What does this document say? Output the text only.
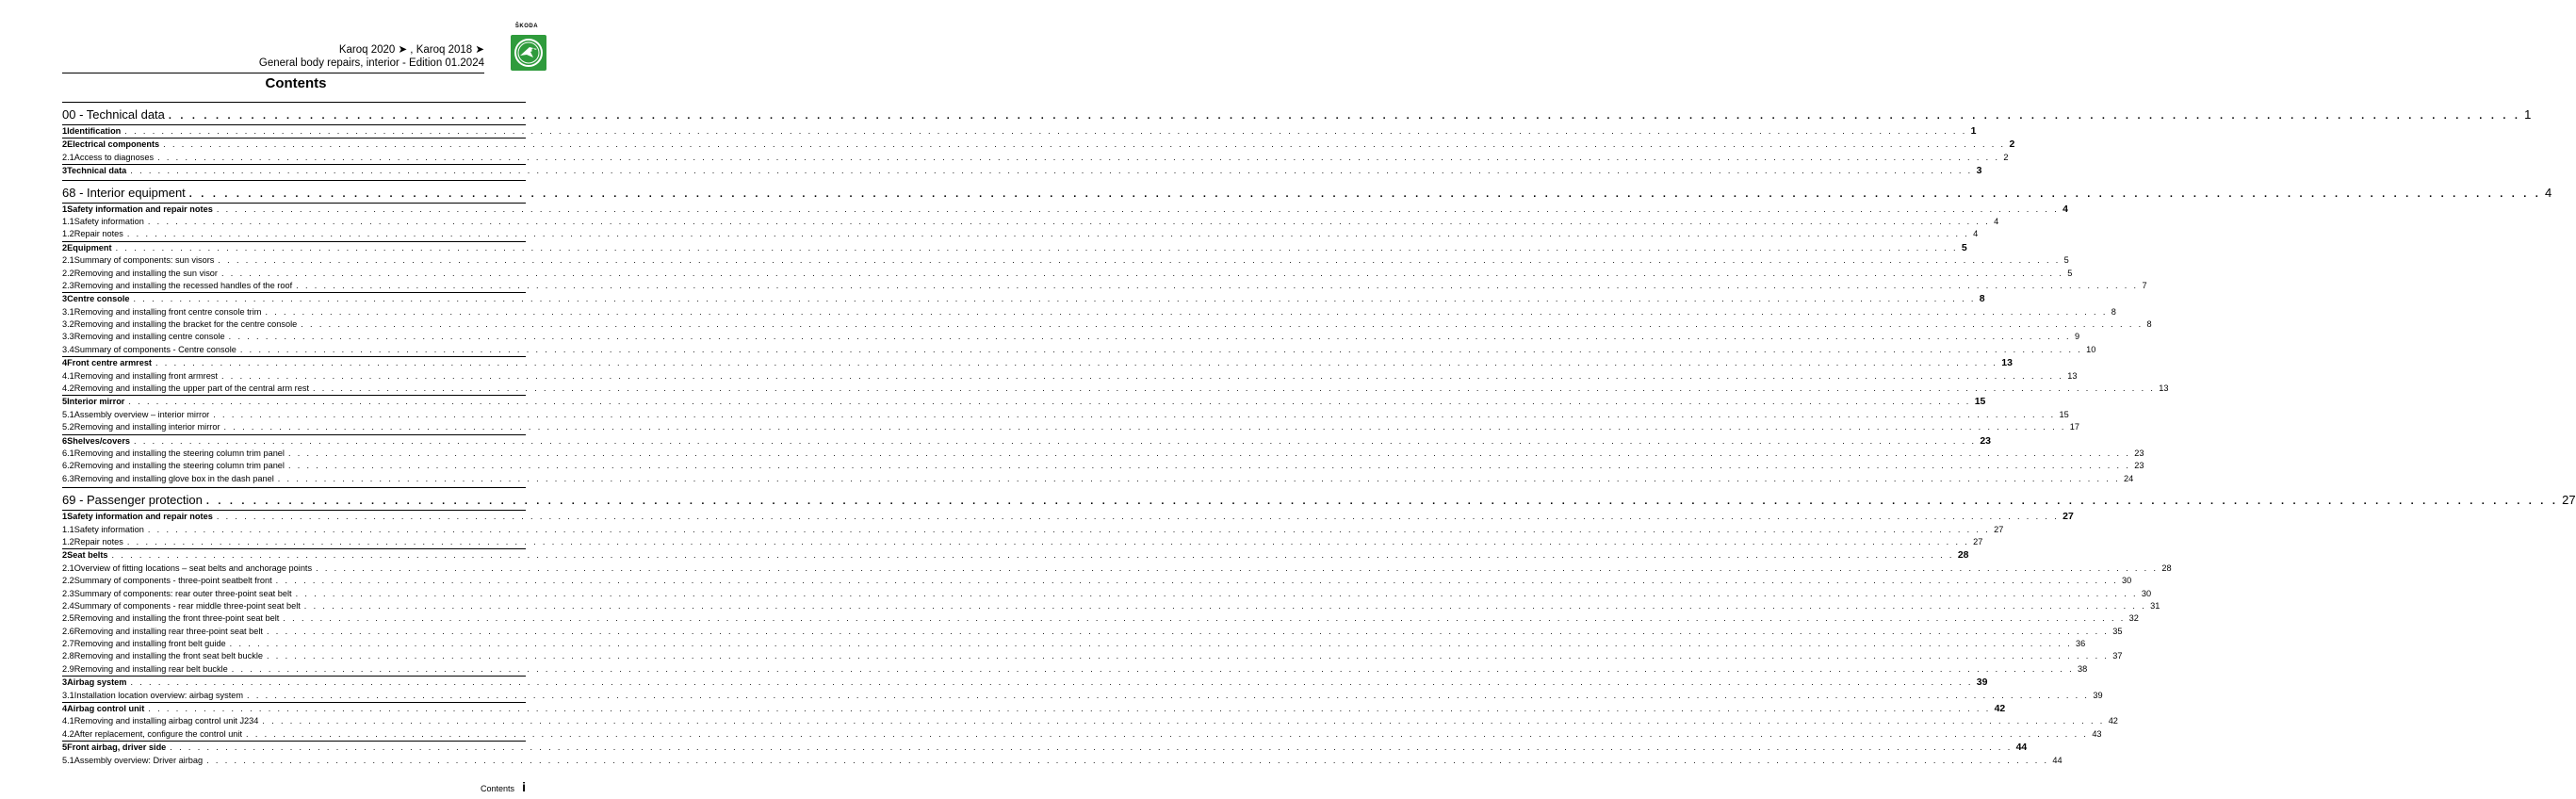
ŠKODA
Karoq 2020 ➤ , Karoq 2018 ➤
General body repairs, interior - Edition 01.2024
Contents
00 - Technical data . . . . . . . . . . . . . . . . . . . . . . . . . . . . . . . . . . . . . . . . . . . . . . . . . . . . . . . . . . . . . . . . . . . . . . . . . . . . . . . . . . . . . . . . . . . . . . . . . . . . . . . . . . . . . . . . . . . . . . . . . . . . . . . . . . . . . . . . . . . . . . . . . . . . . . . . . . . . . . . . . . . . . . . . . . . . . . . . . . . . . . . . . . . . . . . . . . . . . . . . 1
1 Identification . . . . . . . . . . . . . . . . . . . . . . . . . . . . . . . . . . . . . . . . . . . . . . . . . . . . . . . . . . . . . . . . . . . . . . . . . . . . . . . . . . . . . . . . . . . . . . . . . . . . . . . . . . . . . . . . . . . . . . . . . . . . . . . . . . . . . . . . . . . . . . . . . . . . . . . . . . . . . . . . . . . . . . . . . . . . . . . . . . . . . . . . . . . . . . . . . . . . . . . . 1
2 Electrical components . . . . . . . . . . . . . . . . . . . . . . . . . . . . . . . . . . . . . . . . . . . . . . . . . . . . . . . . . . . . . . . . . . . . . . . . . . . . . . . . . . . . . . . . . . . . . . . . . . . . . . . . . . . . . . . . . . . . . . . . . . . . . . . . . . . . . . . . . . . . . . . . . . . . . . . . . . . . . . . . . . . . . . . . . . . . . . . . . . . . . . . . . . . . . . . . . . . . . . . . 2
2.1 Access to diagnoses . . . . . . . . . . . . . . . . . . . . . . . . . . . . . . . . . . . . . . . . . . . . . . . . . . . . . . . . . . . . . . . . . . . . . . . . . . . . . . . . . . . . . . . . . . . . . . . . . . . . . . . . . . . . . . . . . . . . . . . . . . . . . . . . . . . . . . . . . . . . . . . . . . . . . . . . . . . . . . . . . . . . . . . . . . . . . . . . . . . . . . . . . . . . . . . . . . . . . . . . 2
3 Technical data . . . . . . . . . . . . . . . . . . . . . . . . . . . . . . . . . . . . . . . . . . . . . . . . . . . . . . . . . . . . . . . . . . . . . . . . . . . . . . . . . . . . . . . . . . . . . . . . . . . . . . . . . . . . . . . . . . . . . . . . . . . . . . . . . . . . . . . . . . . . . . . . . . . . . . . . . . . . . . . . . . . . . . . . . . . . . . . . . . . . . . . . . . . . . . . . . . . . . . . . 3
68 - Interior equipment . . . . . . . . . . . . . . . . . . . . . . . . . . . . . . . . . . . . . . . . . . . . . . . . . . . . . . . . . . . . . . . . . . . . . . . . . . . . . . . . . . . . . . . . . . . . . . . . . . . . . . . . . . . . . . . . . . . . . . . . . . . . . . . . . . . . . . . . . . . . . . . . . . . . . . . . . . . . . . . . . . . . . . . . . . . . . . . . . . . . . . . . . . . . . . . . . . . . . . . . 4
1 Safety information and repair notes . . . . . . . . . . . . . . . . . . . . . . . . . . . . . . . . . . . . . . . . . . . . . . . . . . . . . . . . . . . . . . . . . . . . . . . . . . . . . . . . . . . . . . . . . . . . . . . . . . . . . . . . . . . . . . . . . . . . . . . . . . . . . . . . . . . . . . . . . . . . . . . . . . . . . . . . . . . . . . . . . . . . . . . . . . . . . . . . . . . . . . . . . . . . . . . . . . . . . . . . 4
1.1 Safety information . . . . . . . . . . . . . . . . . . . . . . . . . . . . . . . . . . . . . . . . . . . . . . . . . . . . . . . . . . . . . . . . . . . . . . . . . . . . . . . . . . . . . . . . . . . . . . . . . . . . . . . . . . . . . . . . . . . . . . . . . . . . . . . . . . . . . . . . . . . . . . . . . . . . . . . . . . . . . . . . . . . . . . . . . . . . . . . . . . . . . . . . . . . . . . . . . . . . . . . . 4
1.2 Repair notes . . . . . . . . . . . . . . . . . . . . . . . . . . . . . . . . . . . . . . . . . . . . . . . . . . . . . . . . . . . . . . . . . . . . . . . . . . . . . . . . . . . . . . . . . . . . . . . . . . . . . . . . . . . . . . . . . . . . . . . . . . . . . . . . . . . . . . . . . . . . . . . . . . . . . . . . . . . . . . . . . . . . . . . . . . . . . . . . . . . . . . . . . . . . . . . . . . . . . . . . 4
2 Equipment . . . . . . . . . . . . . . . . . . . . . . . . . . . . . . . . . . . . . . . . . . . . . . . . . . . . . . . . . . . . . . . . . . . . . . . . . . . . . . . . . . . . . . . . . . . . . . . . . . . . . . . . . . . . . . . . . . . . . . . . . . . . . . . . . . . . . . . . . . . . . . . . . . . . . . . . . . . . . . . . . . . . . . . . . . . . . . . . . . . . . . . . . . . . . . . . . . . . . . . . 5
2.1 Summary of components: sun visors . . . . . . . . . . . . . . . . . . . . . . . . . . . . . . . . . . . . . . . . . . . . . . . . . . . . . . . . . . . . . . . . . . . . . . . . . . . . . . . . . . . . . . . . . . . . . . . . . . . . . . . . . . . . . . . . . . . . . . . . . . . . . . . . . . . . . . . . . . . . . . . . . . . . . . . . . . . . . . . . . . . . . . . . . . . . . . . . . . . . . . . . . . . . . . . . . . . . . . . . 5
2.2 Removing and installing the sun visor . . . . . . . . . . . . . . . . . . . . . . . . . . . . . . . . . . . . . . . . . . . . . . . . . . . . . . . . . . . . . . . . . . . . . . . . . . . . . . . . . . . . . . . . . . . . . . . . . . . . . . . . . . . . . . . . . . . . . . . . . . . . . . . . . . . . . . . . . . . . . . . . . . . . . . . . . . . . . . . . . . . . . . . . . . . . . . . . . . . . . . . . . . . . . . . . . . . . . . . . 5
2.3 Removing and installing the recessed handles of the roof . . . . . . . . . . . . . . . . . . . . . . . . . . . . . . . . . . . . . . . . . . . . . . . . . . . . . . . . . . . . . . . . . . . . . . . . . . . . . . . . . . . . . . . . . . . . . . . . . . . . . . . . . . . . . . . . . . . . . . . . . . . . . . . . . . . . . . . . . . . . . . . . . . . . . . . . . . . . . . . . . . . . . . . . . . . . . . . . . . . . . . . . . . . . . . . . . . . . . . . . 7
3 Centre console . . . . . . . . . . . . . . . . . . . . . . . . . . . . . . . . . . . . . . . . . . . . . . . . . . . . . . . . . . . . . . . . . . . . . . . . . . . . . . . . . . . . . . . . . . . . . . . . . . . . . . . . . . . . . . . . . . . . . . . . . . . . . . . . . . . . . . . . . . . . . . . . . . . . . . . . . . . . . . . . . . . . . . . . . . . . . . . . . . . . . . . . . . . . . . . . . . . . . . . . 8
3.1 Removing and installing front centre console trim . . . . . . . . . . . . . . . . . . . . . . . . . . . . . . . . . . . . . . . . . . . . . . . . . . . . . . . . . . . . . . . . . . . . . . . . . . . . . . . . . . . . . . . . . . . . . . . . . . . . . . . . . . . . . . . . . . . . . . . . . . . . . . . . . . . . . . . . . . . . . . . . . . . . . . . . . . . . . . . . . . . . . . . . . . . . . . . . . . . . . . . . . . . . . . . . . . . . . . . . 8
3.2 Removing and installing the bracket for the centre console . . . . . . . . . . . . . . . . . . . . . . . . . . . . . . . . . . . . . . . . . . . . . . . . . . . . . . . . . . . . . . . . . . . . . . . . . . . . . . . . . . . . . . . . . . . . . . . . . . . . . . . . . . . . . . . . . . . . . . . . . . . . . . . . . . . . . . . . . . . . . . . . . . . . . . . . . . . . . . . . . . . . . . . . . . . . . . . . . . . . . . . . . . . . . . . . . . . . . . . . 8
3.3 Removing and installing centre console . . . . . . . . . . . . . . . . . . . . . . . . . . . . . . . . . . . . . . . . . . . . . . . . . . . . . . . . . . . . . . . . . . . . . . . . . . . . . . . . . . . . . . . . . . . . . . . . . . . . . . . . . . . . . . . . . . . . . . . . . . . . . . . . . . . . . . . . . . . . . . . . . . . . . . . . . . . . . . . . . . . . . . . . . . . . . . . . . . . . . . . . . . . . . . . . . . . . . . . . 9
3.4 Summary of components - Centre console . . . . . . . . . . . . . . . . . . . . . . . . . . . . . . . . . . . . . . . . . . . . . . . . . . . . . . . . . . . . . . . . . . . . . . . . . . . . . . . . . . . . . . . . . . . . . . . . . . . . . . . . . . . . . . . . . . . . . . . . . . . . . . . . . . . . . . . . . . . . . . . . . . . . . . . . . . . . . . . . . . . . . . . . . . . . . . . . . . . . . . . . . . . . . . . . . . . . . . . . 10
4 Front centre armrest . . . . . . . . . . . . . . . . . . . . . . . . . . . . . . . . . . . . . . . . . . . . . . . . . . . . . . . . . . . . . . . . . . . . . . . . . . . . . . . . . . . . . . . . . . . . . . . . . . . . . . . . . . . . . . . . . . . . . . . . . . . . . . . . . . . . . . . . . . . . . . . . . . . . . . . . . . . . . . . . . . . . . . . . . . . . . . . . . . . . . . . . . . . . . . . . . . . . . . . . 13
4.1 Removing and installing front armrest . . . . . . . . . . . . . . . . . . . . . . . . . . . . . . . . . . . . . . . . . . . . . . . . . . . . . . . . . . . . . . . . . . . . . . . . . . . . . . . . . . . . . . . . . . . . . . . . . . . . . . . . . . . . . . . . . . . . . . . . . . . . . . . . . . . . . . . . . . . . . . . . . . . . . . . . . . . . . . . . . . . . . . . . . . . . . . . . . . . . . . . . . . . . . . . . . . . . . . . . 13
4.2 Removing and installing the upper part of the central arm rest . . . . . . . . . . . . . . . . . . . . . . . . . . . . . . . . . . . . . . . . . . . . . . . . . . . . . . . . . . . . . . . . . . . . . . . . . . . . . . . . . . . . . . . . . . . . . . . . . . . . . . . . . . . . . . . . . . . . . . . . . . . . . . . . . . . . . . . . . . . . . . . . . . . . . . . . . . . . . . . . . . . . . . . . . . . . . . . . . . . . . . . . . . . . . . . . . . . . . . . . 13
5 Interior mirror . . . . . . . . . . . . . . . . . . . . . . . . . . . . . . . . . . . . . . . . . . . . . . . . . . . . . . . . . . . . . . . . . . . . . . . . . . . . . . . . . . . . . . . . . . . . . . . . . . . . . . . . . . . . . . . . . . . . . . . . . . . . . . . . . . . . . . . . . . . . . . . . . . . . . . . . . . . . . . . . . . . . . . . . . . . . . . . . . . . . . . . . . . . . . . . . . . . . . . . . 15
5.1 Assembly overview – interior mirror . . . . . . . . . . . . . . . . . . . . . . . . . . . . . . . . . . . . . . . . . . . . . . . . . . . . . . . . . . . . . . . . . . . . . . . . . . . . . . . . . . . . . . . . . . . . . . . . . . . . . . . . . . . . . . . . . . . . . . . . . . . . . . . . . . . . . . . . . . . . . . . . . . . . . . . . . . . . . . . . . . . . . . . . . . . . . . . . . . . . . . . . . . . . . . . . . . . . . . . . 15
5.2 Removing and installing interior mirror . . . . . . . . . . . . . . . . . . . . . . . . . . . . . . . . . . . . . . . . . . . . . . . . . . . . . . . . . . . . . . . . . . . . . . . . . . . . . . . . . . . . . . . . . . . . . . . . . . . . . . . . . . . . . . . . . . . . . . . . . . . . . . . . . . . . . . . . . . . . . . . . . . . . . . . . . . . . . . . . . . . . . . . . . . . . . . . . . . . . . . . . . . . . . . . . . . . . . . . . 17
6 Shelves/covers . . . . . . . . . . . . . . . . . . . . . . . . . . . . . . . . . . . . . . . . . . . . . . . . . . . . . . . . . . . . . . . . . . . . . . . . . . . . . . . . . . . . . . . . . . . . . . . . . . . . . . . . . . . . . . . . . . . . . . . . . . . . . . . . . . . . . . . . . . . . . . . . . . . . . . . . . . . . . . . . . . . . . . . . . . . . . . . . . . . . . . . . . . . . . . . . . . . . . . . . 23
6.1 Removing and installing the steering column trim panel . . . . . . . . . . . . . . . . . . . . . . . . . . . . . . . . . . . . . . . . . . . . . . . . . . . . . . . . . . . . . . . . . . . . . . . . . . . . . . . . . . . . . . . . . . . . . . . . . . . . . . . . . . . . . . . . . . . . . . . . . . . . . . . . . . . . . . . . . . . . . . . . . . . . . . . . . . . . . . . . . . . . . . . . . . . . . . . . . . . . . . . . . . . . . . . . . . . . . . . . 23
6.2 Removing and installing the steering column trim panel . . . . . . . . . . . . . . . . . . . . . . . . . . . . . . . . . . . . . . . . . . . . . . . . . . . . . . . . . . . . . . . . . . . . . . . . . . . . . . . . . . . . . . . . . . . . . . . . . . . . . . . . . . . . . . . . . . . . . . . . . . . . . . . . . . . . . . . . . . . . . . . . . . . . . . . . . . . . . . . . . . . . . . . . . . . . . . . . . . . . . . . . . . . . . . . . . . . . . . . . 23
6.3 Removing and installing glove box in the dash panel . . . . . . . . . . . . . . . . . . . . . . . . . . . . . . . . . . . . . . . . . . . . . . . . . . . . . . . . . . . . . . . . . . . . . . . . . . . . . . . . . . . . . . . . . . . . . . . . . . . . . . . . . . . . . . . . . . . . . . . . . . . . . . . . . . . . . . . . . . . . . . . . . . . . . . . . . . . . . . . . . . . . . . . . . . . . . . . . . . . . . . . . . . . . . . . . . . . . . . . . 24
69 - Passenger protection . . . . . . . . . . . . . . . . . . . . . . . . . . . . . . . . . . . . . . . . . . . . . . . . . . . . . . . . . . . . . . . . . . . . . . . . . . . . . . . . . . . . . . . . . . . . . . . . . . . . . . . . . . . . . . . . . . . . . . . . . . . . . . . . . . . . . . . . . . . . . . . . . . . . . . . . . . . . . . . . . . . . . . . . . . . . . . . . . . . . . . . . . . . . . . . . . . . . . . . . 27
1 Safety information and repair notes . . . . . . . . . . . . . . . . . . . . . . . . . . . . . . . . . . . . . . . . . . . . . . . . . . . . . . . . . . . . . . . . . . . . . . . . . . . . . . . . . . . . . . . . . . . . . . . . . . . . . . . . . . . . . . . . . . . . . . . . . . . . . . . . . . . . . . . . . . . . . . . . . . . . . . . . . . . . . . . . . . . . . . . . . . . . . . . . . . . . . . . . . . . . . . . . . . . . . . . . 27
1.1 Safety information . . . . . . . . . . . . . . . . . . . . . . . . . . . . . . . . . . . . . . . . . . . . . . . . . . . . . . . . . . . . . . . . . . . . . . . . . . . . . . . . . . . . . . . . . . . . . . . . . . . . . . . . . . . . . . . . . . . . . . . . . . . . . . . . . . . . . . . . . . . . . . . . . . . . . . . . . . . . . . . . . . . . . . . . . . . . . . . . . . . . . . . . . . . . . . . . . . . . . . . . 27
1.2 Repair notes . . . . . . . . . . . . . . . . . . . . . . . . . . . . . . . . . . . . . . . . . . . . . . . . . . . . . . . . . . . . . . . . . . . . . . . . . . . . . . . . . . . . . . . . . . . . . . . . . . . . . . . . . . . . . . . . . . . . . . . . . . . . . . . . . . . . . . . . . . . . . . . . . . . . . . . . . . . . . . . . . . . . . . . . . . . . . . . . . . . . . . . . . . . . . . . . . . . . . . . . 27
2 Seat belts . . . . . . . . . . . . . . . . . . . . . . . . . . . . . . . . . . . . . . . . . . . . . . . . . . . . . . . . . . . . . . . . . . . . . . . . . . . . . . . . . . . . . . . . . . . . . . . . . . . . . . . . . . . . . . . . . . . . . . . . . . . . . . . . . . . . . . . . . . . . . . . . . . . . . . . . . . . . . . . . . . . . . . . . . . . . . . . . . . . . . . . . . . . . . . . . . . . . . . . . 28
2.1 Overview of fitting locations – seat belts and anchorage points . . . . . . . . . . . . . . . . . . . . . . . . . . . . . . . . . . . . . . . . . . . . . . . . . . . . . . . . . . . . . . . . . . . . . . . . . . . . . . . . . . . . . . . . . . . . . . . . . . . . . . . . . . . . . . . . . . . . . . . . . . . . . . . . . . . . . . . . . . . . . . . . . . . . . . . . . . . . . . . . . . . . . . . . . . . . . . . . . . . . . . . . . . . . . . . . . . . . . . . . 28
2.2 Summary of components - three-point seatbelt front . . . . . . . . . . . . . . . . . . . . . . . . . . . . . . . . . . . . . . . . . . . . . . . . . . . . . . . . . . . . . . . . . . . . . . . . . . . . . . . . . . . . . . . . . . . . . . . . . . . . . . . . . . . . . . . . . . . . . . . . . . . . . . . . . . . . . . . . . . . . . . . . . . . . . . . . . . . . . . . . . . . . . . . . . . . . . . . . . . . . . . . . . . . . . . . . . . . . . . . . 30
2.3 Summary of components: rear outer three-point seat belt . . . . . . . . . . . . . . . . . . . . . . . . . . . . . . . . . . . . . . . . . . . . . . . . . . . . . . . . . . . . . . . . . . . . . . . . . . . . . . . . . . . . . . . . . . . . . . . . . . . . . . . . . . . . . . . . . . . . . . . . . . . . . . . . . . . . . . . . . . . . . . . . . . . . . . . . . . . . . . . . . . . . . . . . . . . . . . . . . . . . . . . . . . . . . . . . . . . . . . . . 30
2.4 Summary of components - rear middle three-point seat belt . . . . . . . . . . . . . . . . . . . . . . . . . . . . . . . . . . . . . . . . . . . . . . . . . . . . . . . . . . . . . . . . . . . . . . . . . . . . . . . . . . . . . . . . . . . . . . . . . . . . . . . . . . . . . . . . . . . . . . . . . . . . . . . . . . . . . . . . . . . . . . . . . . . . . . . . . . . . . . . . . . . . . . . . . . . . . . . . . . . . . . . . . . . . . . . . . . . . . . . . 31
2.5 Removing and installing the front three-point seat belt . . . . . . . . . . . . . . . . . . . . . . . . . . . . . . . . . . . . . . . . . . . . . . . . . . . . . . . . . . . . . . . . . . . . . . . . . . . . . . . . . . . . . . . . . . . . . . . . . . . . . . . . . . . . . . . . . . . . . . . . . . . . . . . . . . . . . . . . . . . . . . . . . . . . . . . . . . . . . . . . . . . . . . . . . . . . . . . . . . . . . . . . . . . . . . . . . . . . . . . . 32
2.6 Removing and installing rear three-point seat belt . . . . . . . . . . . . . . . . . . . . . . . . . . . . . . . . . . . . . . . . . . . . . . . . . . . . . . . . . . . . . . . . . . . . . . . . . . . . . . . . . . . . . . . . . . . . . . . . . . . . . . . . . . . . . . . . . . . . . . . . . . . . . . . . . . . . . . . . . . . . . . . . . . . . . . . . . . . . . . . . . . . . . . . . . . . . . . . . . . . . . . . . . . . . . . . . . . . . . . . . 35
2.7 Removing and installing front belt guide . . . . . . . . . . . . . . . . . . . . . . . . . . . . . . . . . . . . . . . . . . . . . . . . . . . . . . . . . . . . . . . . . . . . . . . . . . . . . . . . . . . . . . . . . . . . . . . . . . . . . . . . . . . . . . . . . . . . . . . . . . . . . . . . . . . . . . . . . . . . . . . . . . . . . . . . . . . . . . . . . . . . . . . . . . . . . . . . . . . . . . . . . . . . . . . . . . . . . . . . 36
2.8 Removing and installing the front seat belt buckle . . . . . . . . . . . . . . . . . . . . . . . . . . . . . . . . . . . . . . . . . . . . . . . . . . . . . . . . . . . . . . . . . . . . . . . . . . . . . . . . . . . . . . . . . . . . . . . . . . . . . . . . . . . . . . . . . . . . . . . . . . . . . . . . . . . . . . . . . . . . . . . . . . . . . . . . . . . . . . . . . . . . . . . . . . . . . . . . . . . . . . . . . . . . . . . . . . . . . . . . 37
2.9 Removing and installing rear belt buckle . . . . . . . . . . . . . . . . . . . . . . . . . . . . . . . . . . . . . . . . . . . . . . . . . . . . . . . . . . . . . . . . . . . . . . . . . . . . . . . . . . . . . . . . . . . . . . . . . . . . . . . . . . . . . . . . . . . . . . . . . . . . . . . . . . . . . . . . . . . . . . . . . . . . . . . . . . . . . . . . . . . . . . . . . . . . . . . . . . . . . . . . . . . . . . . . . . . . . . . . 38
3 Airbag system . . . . . . . . . . . . . . . . . . . . . . . . . . . . . . . . . . . . . . . . . . . . . . . . . . . . . . . . . . . . . . . . . . . . . . . . . . . . . . . . . . . . . . . . . . . . . . . . . . . . . . . . . . . . . . . . . . . . . . . . . . . . . . . . . . . . . . . . . . . . . . . . . . . . . . . . . . . . . . . . . . . . . . . . . . . . . . . . . . . . . . . . . . . . . . . . . . . . . . . . 39
3.1 Installation location overview: airbag system . . . . . . . . . . . . . . . . . . . . . . . . . . . . . . . . . . . . . . . . . . . . . . . . . . . . . . . . . . . . . . . . . . . . . . . . . . . . . . . . . . . . . . . . . . . . . . . . . . . . . . . . . . . . . . . . . . . . . . . . . . . . . . . . . . . . . . . . . . . . . . . . . . . . . . . . . . . . . . . . . . . . . . . . . . . . . . . . . . . . . . . . . . . . . . . . . . . . . . . . 39
4 Airbag control unit . . . . . . . . . . . . . . . . . . . . . . . . . . . . . . . . . . . . . . . . . . . . . . . . . . . . . . . . . . . . . . . . . . . . . . . . . . . . . . . . . . . . . . . . . . . . . . . . . . . . . . . . . . . . . . . . . . . . . . . . . . . . . . . . . . . . . . . . . . . . . . . . . . . . . . . . . . . . . . . . . . . . . . . . . . . . . . . . . . . . . . . . . . . . . . . . . . . . . . . . 42
4.1 Removing and installing airbag control unit J234 . . . . . . . . . . . . . . . . . . . . . . . . . . . . . . . . . . . . . . . . . . . . . . . . . . . . . . . . . . . . . . . . . . . . . . . . . . . . . . . . . . . . . . . . . . . . . . . . . . . . . . . . . . . . . . . . . . . . . . . . . . . . . . . . . . . . . . . . . . . . . . . . . . . . . . . . . . . . . . . . . . . . . . . . . . . . . . . . . . . . . . . . . . . . . . . . . . . . . . . . 42
4.2 After replacement, configure the control unit . . . . . . . . . . . . . . . . . . . . . . . . . . . . . . . . . . . . . . . . . . . . . . . . . . . . . . . . . . . . . . . . . . . . . . . . . . . . . . . . . . . . . . . . . . . . . . . . . . . . . . . . . . . . . . . . . . . . . . . . . . . . . . . . . . . . . . . . . . . . . . . . . . . . . . . . . . . . . . . . . . . . . . . . . . . . . . . . . . . . . . . . . . . . . . . . . . . . . . . . 43
5 Front airbag, driver side . . . . . . . . . . . . . . . . . . . . . . . . . . . . . . . . . . . . . . . . . . . . . . . . . . . . . . . . . . . . . . . . . . . . . . . . . . . . . . . . . . . . . . . . . . . . . . . . . . . . . . . . . . . . . . . . . . . . . . . . . . . . . . . . . . . . . . . . . . . . . . . . . . . . . . . . . . . . . . . . . . . . . . . . . . . . . . . . . . . . . . . . . . . . . . . . . . . . . . . . 44
5.1 Assembly overview: Driver airbag . . . . . . . . . . . . . . . . . . . . . . . . . . . . . . . . . . . . . . . . . . . . . . . . . . . . . . . . . . . . . . . . . . . . . . . . . . . . . . . . . . . . . . . . . . . . . . . . . . . . . . . . . . . . . . . . . . . . . . . . . . . . . . . . . . . . . . . . . . . . . . . . . . . . . . . . . . . . . . . . . . . . . . . . . . . . . . . . . . . . . . . . . . . . . . . . . . . . . . . . 44
Contents i
